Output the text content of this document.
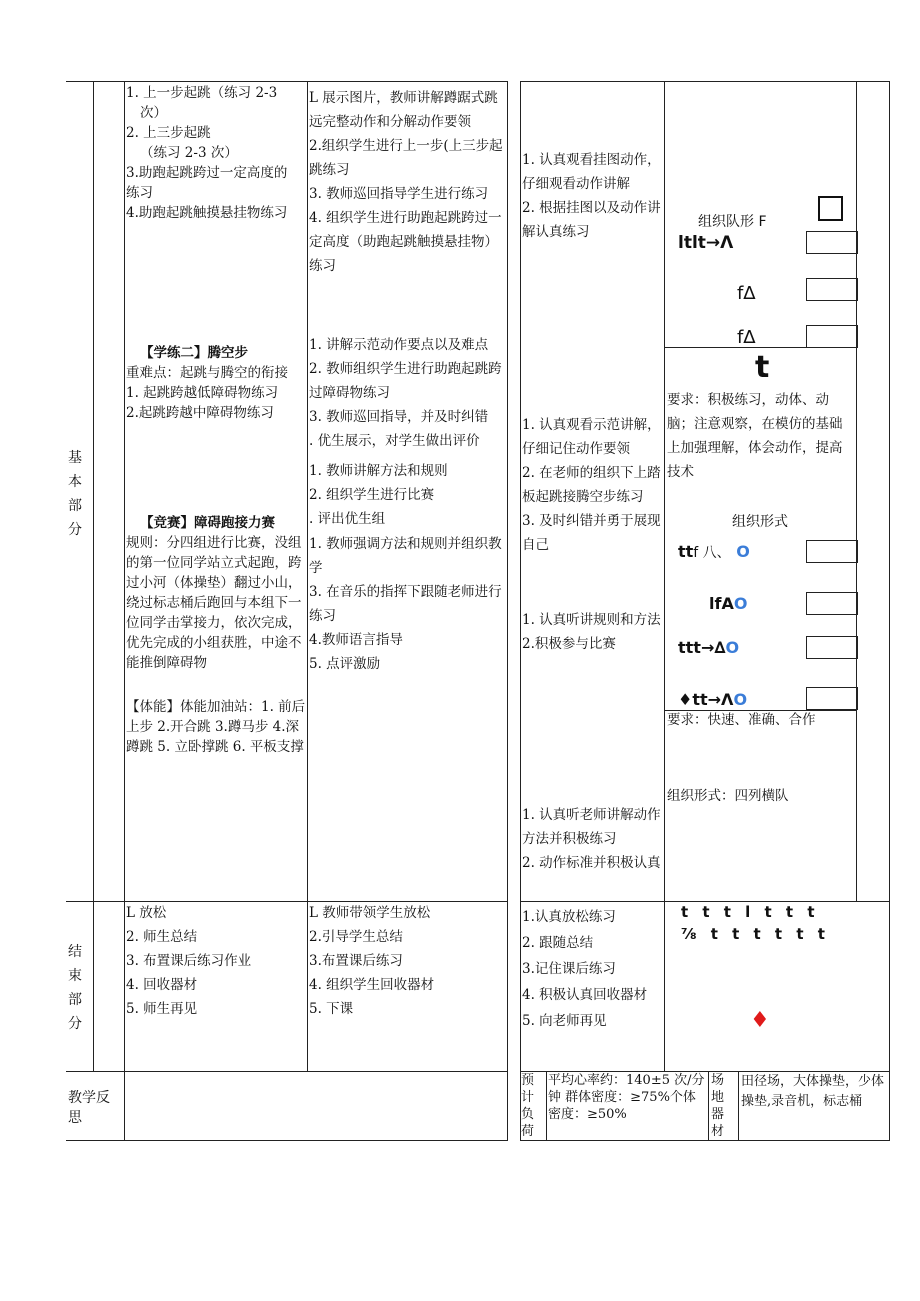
基
本
部
分

1. 上一步起跳（练习 2-3

次）

2. 上三步起跳

（练习 2-3 次）

3.助跑起跳跨过一定高度的

练习

4.助跑起跳触摸悬挂物练习

【学练二】腾空步

重难点：起跳与腾空的衔接

1. 起跳跨越低障碍物练习

2.起跳跨越中障碍物练习

【竞赛】障碍跑接力赛

规则：分四组进行比赛，没组的第一位同学站立式起跑，跨过小河（体操垫）翻过小山，绕过标志桶后跑回与本组下一位同学击掌接力，依次完成，优先完成的小组获胜，中途不能推倒障碍物

【体能】体能加油站：1. 前后上步 2.开合跳 3.蹲马步 4.深蹲跳 5. 立卧撑跳 6. 平板支撑

L 展示图片，教师讲解蹲踞式跳远完整动作和分解动作要领

2.组织学生进行上一步(上三步起跳练习

3. 教师巡回指导学生进行练习

4. 组织学生进行助跑起跳跨过一定高度（助跑起跳触摸悬挂物）练习

1. 讲解示范动作要点以及难点

2. 教师组织学生进行助跑起跳跨过障碍物练习

3. 教师巡回指导，并及时纠错

. 优生展示，对学生做出评价

1. 教师讲解方法和规则

2. 组织学生进行比赛

. 评出优生组

1. 教师强调方法和规则并组织教学

3. 在音乐的指挥下跟随老师进行练习

4.教师语言指导

5. 点评激励

1. 认真观看挂图动作，仔细观看动作讲解

2. 根据挂图以及动作讲解认真练习

1. 认真观看示范讲解，仔细记住动作要领

2. 在老师的组织下上踏板起跳接腾空步练习

3. 及时纠错并勇于展现自己

1. 认真听讲规则和方法

2.积极参与比赛

1. 认真听老师讲解动作方法并积极练习

2. 动作标准并积极认真

组织队形 F
ltlt→Λ
f∆
f∆
t

要求：积极练习，动体、动脑；注意观察，在模仿的基础上加强理解，体会动作，提高技术

组织形式
ttf 八、 O
lfAO
ttt→∆O
♦tt→ΛO

要求：快速、准确、合作

组织形式：四列横队

结
束
部
分

L 放松

2. 师生总结

3. 布置课后练习作业

4. 回收器材

5. 师生再见

L 教师带领学生放松

2.引导学生总结

3.布置课后练习

4. 组织学生回收器材

5. 下课

1.认真放松练习

2. 跟随总结

3.记住课后练习

4. 积极认真回收器材

5. 向老师再见

t t t l t t t
⅞ t t t t t t
♦

教学反思

预计负荷

平均心率约：140±5 次/分钟 群体密度：≥75%个体密度：≥50%

场地器材

田径场，大体操垫，少体操垫,录音机，标志桶
